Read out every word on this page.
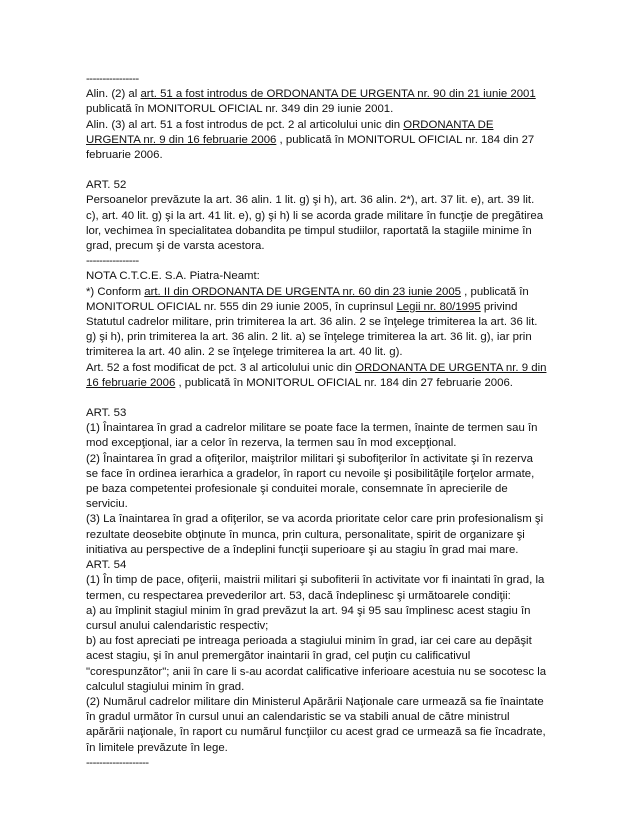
----------------

Alin. (2) al art. 51 a fost introdus de ORDONANTA DE URGENTA nr. 90 din 21 iunie 2001 publicată în MONITORUL OFICIAL nr. 349 din 29 iunie 2001.

Alin. (3) al art. 51 a fost introdus de pct. 2 al articolului unic din ORDONANTA DE URGENTA nr. 9 din 16 februarie 2006 , publicată în MONITORUL OFICIAL nr. 184 din 27 februarie 2006.

ART. 52

Persoanelor prevăzute la art. 36 alin. 1 lit. g) şi h), art. 36 alin. 2*), art. 37 lit. e), art. 39 lit. c), art. 40 lit. g) şi la art. 41 lit. e), g) şi h) li se acorda grade militare în funcţie de pregătirea lor, vechimea în specialitatea dobandita pe timpul studiilor, raportată la stagiile minime în grad, precum şi de varsta acestora.

----------------

NOTA C.T.C.E. S.A. Piatra-Neamt:

*) Conform art. II din ORDONANTA DE URGENTA nr. 60 din 23 iunie 2005 , publicată în MONITORUL OFICIAL nr. 555 din 29 iunie 2005, în cuprinsul Legii nr. 80/1995 privind Statutul cadrelor militare, prin trimiterea la art. 36 alin. 2 se înţelege trimiterea la art. 36 lit. g) şi h), prin trimiterea la art. 36 alin. 2 lit. a) se înţelege trimiterea la art. 36 lit. g), iar prin trimiterea la art. 40 alin. 2 se înţelege trimiterea la art. 40 lit. g).

Art. 52 a fost modificat de pct. 3 al articolului unic din ORDONANTA DE URGENTA nr. 9 din 16 februarie 2006 , publicată în MONITORUL OFICIAL nr. 184 din 27 februarie 2006.

ART. 53

(1) Înaintarea în grad a cadrelor militare se poate face la termen, înainte de termen sau în mod excepţional, iar a celor în rezerva, la termen sau în mod excepţional.

(2) Înaintarea în grad a ofiţerilor, maiştrilor militari şi subofiţerilor în activitate şi în rezerva se face în ordinea ierarhica a gradelor, în raport cu nevoile şi posibilităţile forţelor armate, pe baza competentei profesionale şi conduitei morale, consemnate în aprecierile de serviciu.

(3) La înaintarea în grad a ofiţerilor, se va acorda prioritate celor care prin profesionalism şi rezultate deosebite obţinute în munca, prin cultura, personalitate, spirit de organizare şi initiativa au perspective de a îndeplini funcţii superioare şi au stagiu în grad mai mare.

ART. 54

(1) În timp de pace, ofiţerii, maistrii militari şi subofiterii în activitate vor fi inaintati în grad, la termen, cu respectarea prevederilor art. 53, dacă îndeplinesc şi următoarele condiţii:

a) au împlinit stagiul minim în grad prevăzut la art. 94 şi 95 sau împlinesc acest stagiu în cursul anului calendaristic respectiv;

b) au fost apreciati pe intreaga perioada a stagiului minim în grad, iar cei care au depăşit acest stagiu, şi în anul premergător inaintarii în grad, cel puţin cu calificativul "corespunzător"; anii în care li s-au acordat calificative inferioare acestuia nu se socotesc la calculul stagiului minim în grad.

(2) Numărul cadrelor militare din Ministerul Apărării Naţionale care urmează sa fie înaintate în gradul următor în cursul unui an calendaristic se va stabili anual de către ministrul apărării naţionale, în raport cu numărul funcţiilor cu acest grad ce urmează sa fie încadrate, în limitele prevăzute în lege.

-------------------
